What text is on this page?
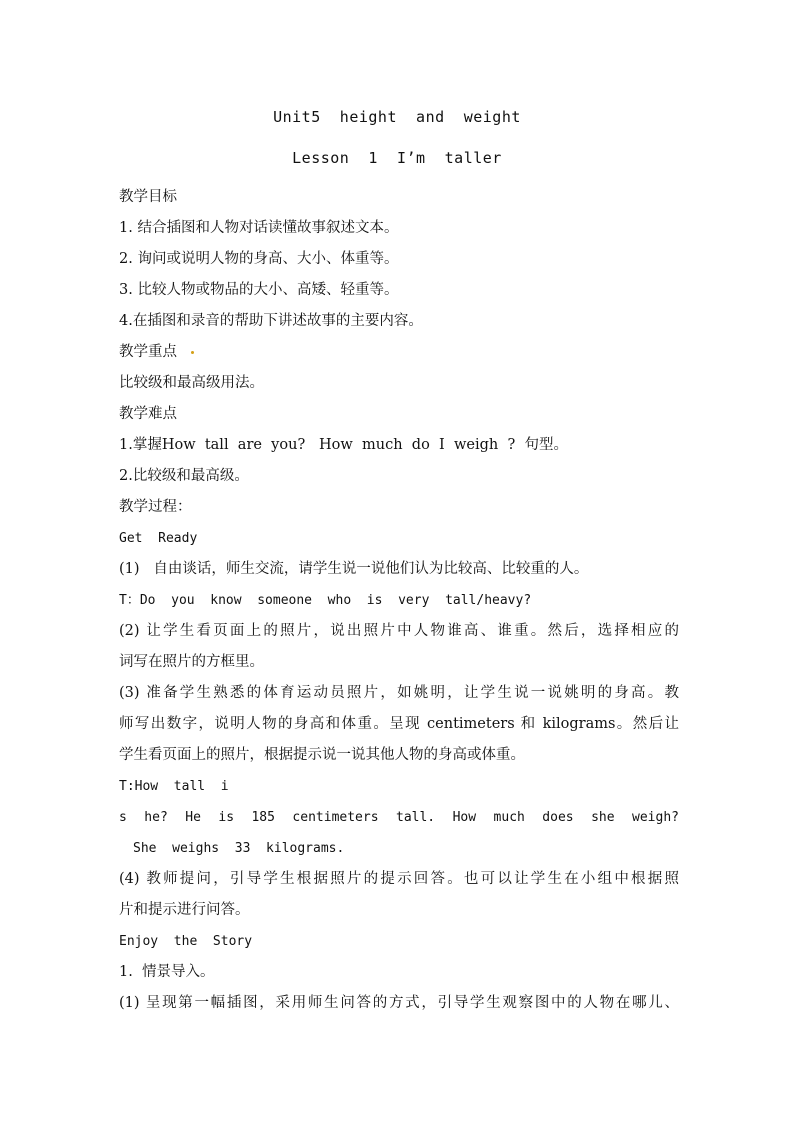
Unit5  height  and  weight
Lesson  1  I’m  taller
教学目标
1. 结合插图和人物对话读懂故事叙述文本。
2. 询问或说明人物的身高、大小、体重等。
3. 比较人物或物品的大小、高矮、轻重等。
4.在插图和录音的帮助下讲述故事的主要内容。
教学重点
比较级和最高级用法。
教学难点
1.掌握How  tall  are  you?   How  much  do  I  weigh  ?  句型。
2.比较级和最高级。
教学过程：
Get  Ready
(1)   自由谈话，师生交流，请学生说一说他们认为比较高、比较重的人。
T：Do  you  know  someone  who  is  very  tall/heavy?
(2) 让学生看页面上的照片，说出照片中人物谁高、谁重。然后，选择相应的
词写在照片的方框里。
(3) 准备学生熟悉的体育运动员照片，如姚明，让学生说一说姚明的身高。教
师写出数字，说明人物的身高和体重。呈现 centimeters 和 kilograms。然后让
学生看页面上的照片，根据提示说一说其他人物的身高或体重。
T:How  tall  i
s he? He is 185 centimeters tall. How much does she weigh?
She  weighs  33  kilograms.
(4) 教师提问，引导学生根据照片的提示回答。也可以让学生在小组中根据照
片和提示进行问答。
Enjoy  the  Story
1.  情景导入。
(1) 呈现第一幅插图，采用师生问答的方式，引导学生观察图中的人物在哪儿、
